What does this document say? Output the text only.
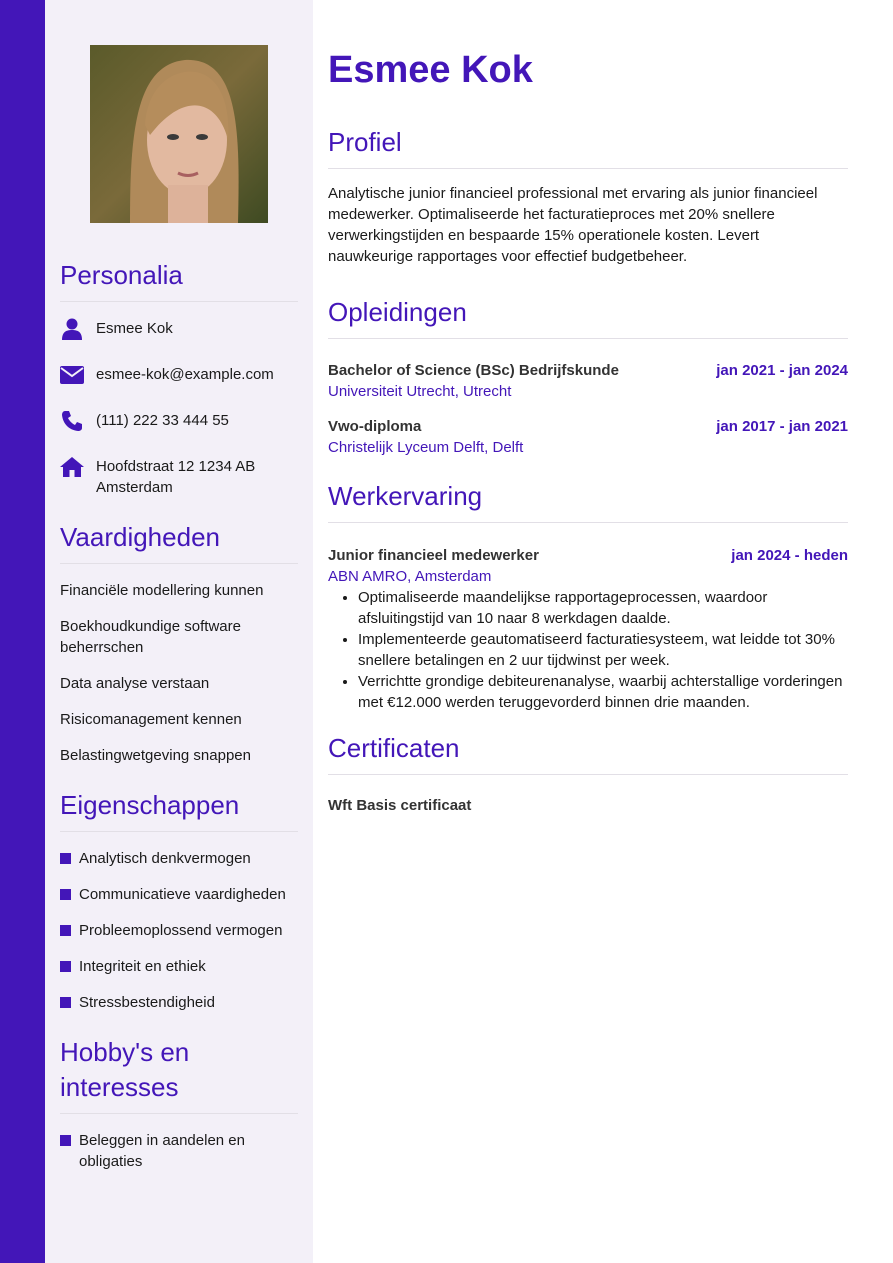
Personalia
Esmee Kok
esmee-kok@example.com
(111) 222 33 444 55
Hoofdstraat 12 1234 AB Amsterdam
Vaardigheden
Financiële modellering kunnen
Boekhoudkundige software beherrschen
Data analyse verstaan
Risicomanagement kennen
Belastingwetgeving snappen
Eigenschappen
Analytisch denkvermogen
Communicatieve vaardigheden
Probleemoplossend vermogen
Integriteit en ethiek
Stressbestendigheid
Hobby's en interesses
Beleggen in aandelen en obligaties
Esmee Kok
Profiel

Analytische junior financieel professional met ervaring als junior financieel medewerker. Optimaliseerde het facturatieproces met 20% snellere verwerkingstijden en bespaarde 15% operationele kosten. Levert nauwkeurige rapportages voor effectief budgetbeheer.

Opleidingen
Bachelor of Science (BSc) Bedrijfskunde	jan 2021 - jan 2024
Universiteit Utrecht, Utrecht
Vwo-diploma	jan 2017 - jan 2021
Christelijk Lyceum Delft, Delft
Werkervaring
Junior financieel medewerker	jan 2024 - heden
ABN AMRO, Amsterdam
• Optimaliseerde maandelijkse rapportageprocessen, waardoor afsluitingstijd van 10 naar 8 werkdagen daalde.
• Implementeerde geautomatiseerd facturatiesysteem, wat leidde tot 30% snellere betalingen en 2 uur tijdwinst per week.
• Verrichtte grondige debiteurenanalyse, waarbij achterstallige vorderingen met €12.000 werden teruggevorderd binnen drie maanden.
Certificaten
Wft Basis certificaat
